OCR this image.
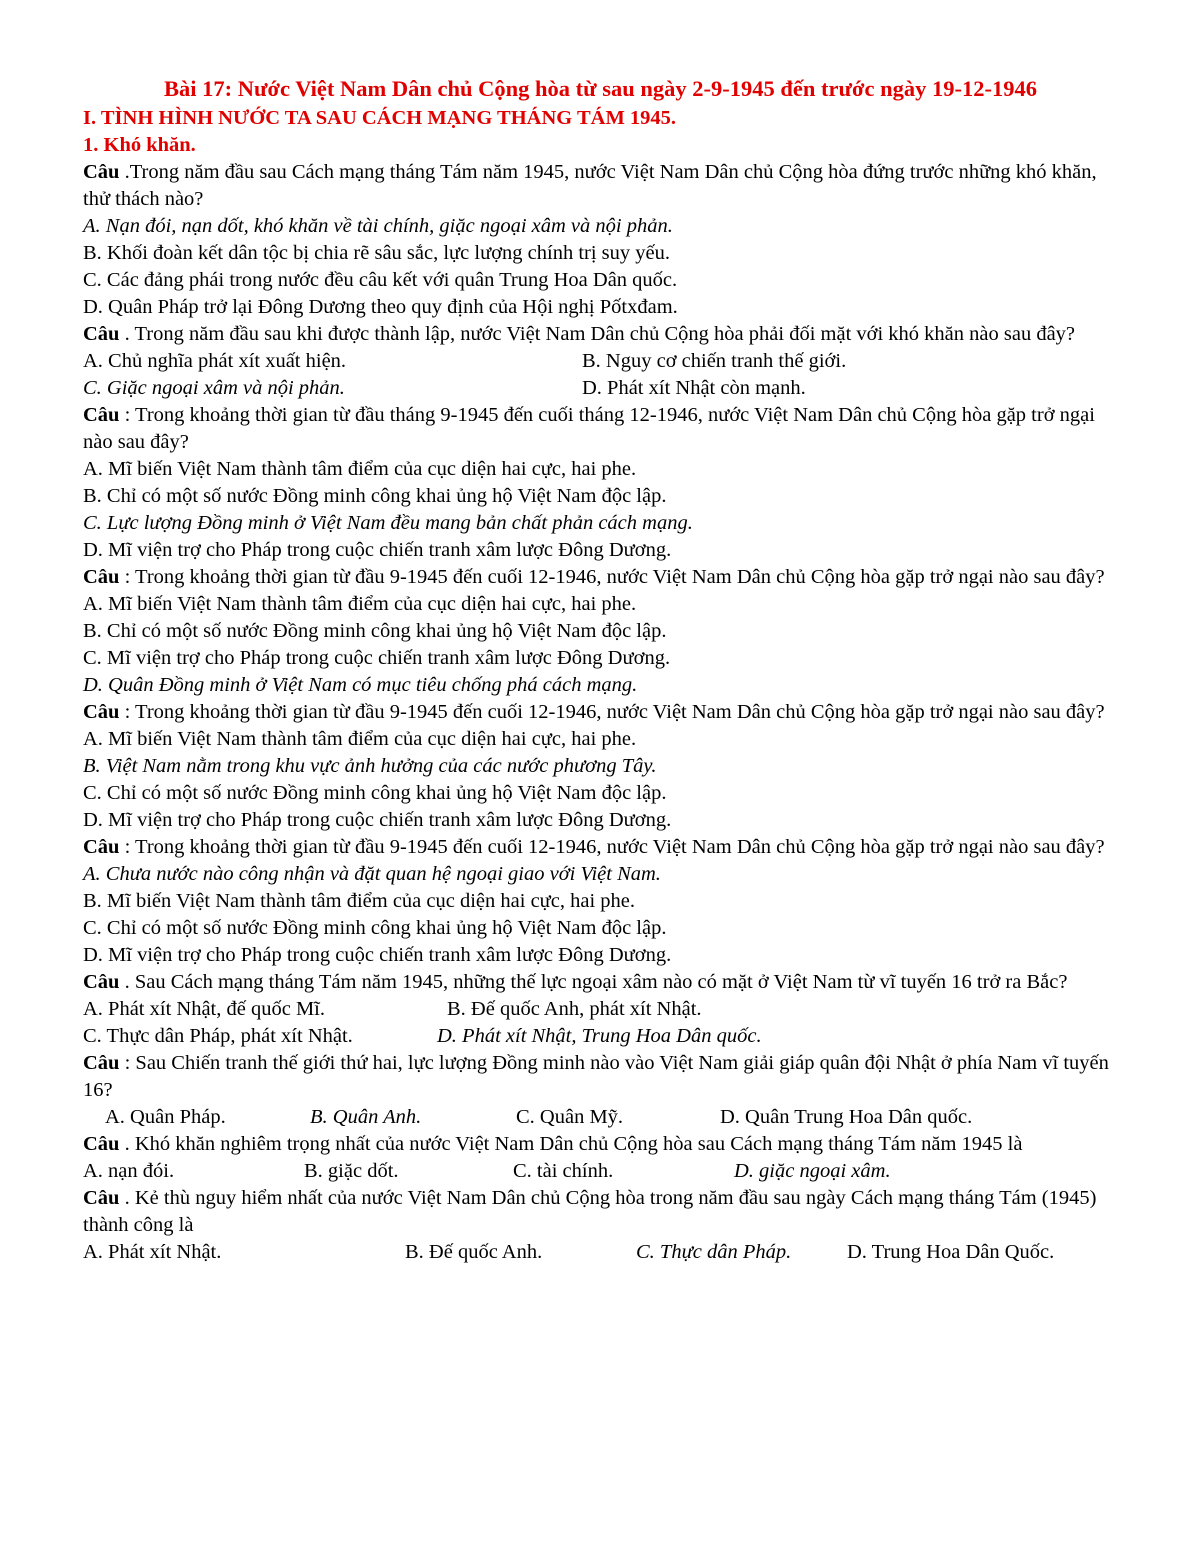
Bài 17: Nước Việt Nam Dân chủ Cộng hòa từ sau ngày 2-9-1945 đến trước ngày 19-12-1946

I. TÌNH HÌNH NƯỚC TA SAU CÁCH MẠNG THÁNG TÁM 1945.

1. Khó khăn.

Câu .Trong năm đầu sau Cách mạng tháng Tám năm 1945, nước Việt Nam Dân chủ Cộng hòa đứng trước những khó khăn, thử thách nào?

A. Nạn đói, nạn dốt, khó khăn về tài chính, giặc ngoại xâm và nội phản.

B. Khối đoàn kết dân tộc bị chia rẽ sâu sắc, lực lượng chính trị suy yếu.

C. Các đảng phái trong nước đều câu kết với quân Trung Hoa Dân quốc.

D. Quân Pháp trở lại Đông Dương theo quy định của Hội nghị Pốtxđam.

Câu . Trong năm đầu sau khi được thành lập, nước Việt Nam Dân chủ Cộng hòa phải đối mặt với khó khăn nào sau đây?

A. Chủ nghĩa phát xít xuất hiện.	B. Nguy cơ chiến tranh thế giới.
C. Giặc ngoại xâm và nội phản.	D. Phát xít Nhật còn mạnh.

Câu : Trong khoảng thời gian từ đầu tháng 9-1945 đến cuối tháng 12-1946, nước Việt Nam Dân chủ Cộng hòa gặp trở ngại nào sau đây?

A. Mĩ biến Việt Nam thành tâm điểm của cục diện hai cực, hai phe.

B. Chỉ có một số nước Đồng minh công khai ủng hộ Việt Nam độc lập.

C. Lực lượng Đồng minh ở Việt Nam đều mang bản chất phản cách mạng.

D. Mĩ viện trợ cho Pháp trong cuộc chiến tranh xâm lược Đông Dương.

Câu : Trong khoảng thời gian từ đầu 9-1945 đến cuối 12-1946, nước Việt Nam Dân chủ Cộng hòa gặp trở ngại nào sau đây?

A. Mĩ biến Việt Nam thành tâm điểm của cục diện hai cực, hai phe.

B. Chỉ có một số nước Đồng minh công khai ủng hộ Việt Nam độc lập.

C. Mĩ viện trợ cho Pháp trong cuộc chiến tranh xâm lược Đông Dương.

D. Quân Đồng minh ở Việt Nam có mục tiêu chống phá cách mạng.

Câu : Trong khoảng thời gian từ đầu 9-1945 đến cuối 12-1946, nước Việt Nam Dân chủ Cộng hòa gặp trở ngại nào sau đây?

A. Mĩ biến Việt Nam thành tâm điểm của cục diện hai cực, hai phe.

B. Việt Nam nằm trong khu vực ảnh hưởng của các nước phương Tây.

C. Chỉ có một số nước Đồng minh công khai ủng hộ Việt Nam độc lập.

D. Mĩ viện trợ cho Pháp trong cuộc chiến tranh xâm lược Đông Dương.

Câu : Trong khoảng thời gian từ đầu 9-1945 đến cuối 12-1946, nước Việt Nam Dân chủ Cộng hòa gặp trở ngại nào sau đây?

A. Chưa nước nào công nhận và đặt quan hệ ngoại giao với Việt Nam.

B. Mĩ biến Việt Nam thành tâm điểm của cục diện hai cực, hai phe.

C. Chỉ có một số nước Đồng minh công khai ủng hộ Việt Nam độc lập.

D. Mĩ viện trợ cho Pháp trong cuộc chiến tranh xâm lược Đông Dương.

Câu . Sau Cách mạng tháng Tám năm 1945, những thế lực ngoại xâm nào có mặt ở Việt Nam từ vĩ tuyến 16 trở ra Bắc?

A. Phát xít Nhật, đế quốc Mĩ.	B. Đế quốc Anh, phát xít Nhật.
C. Thực dân Pháp, phát xít Nhật.	D. Phát xít Nhật, Trung Hoa Dân quốc.

Câu : Sau Chiến tranh thế giới thứ hai, lực lượng Đồng minh nào vào Việt Nam giải giáp quân đội Nhật ở phía Nam vĩ tuyến 16?

A. Quân Pháp.	B. Quân Anh.	C. Quân Mỹ.	D. Quân Trung Hoa Dân quốc.

Câu . Khó khăn nghiêm trọng nhất của nước Việt Nam Dân chủ Cộng hòa sau Cách mạng tháng Tám năm 1945 là

A. nạn đói.	B. giặc dốt.	C. tài chính.	D. giặc ngoại xâm.

Câu . Kẻ thù nguy hiểm nhất của nước Việt Nam Dân chủ Cộng hòa trong năm đầu sau ngày Cách mạng tháng Tám (1945) thành công là

A. Phát xít Nhật.	B. Đế quốc Anh.	C. Thực dân Pháp.	D. Trung Hoa Dân Quốc.
